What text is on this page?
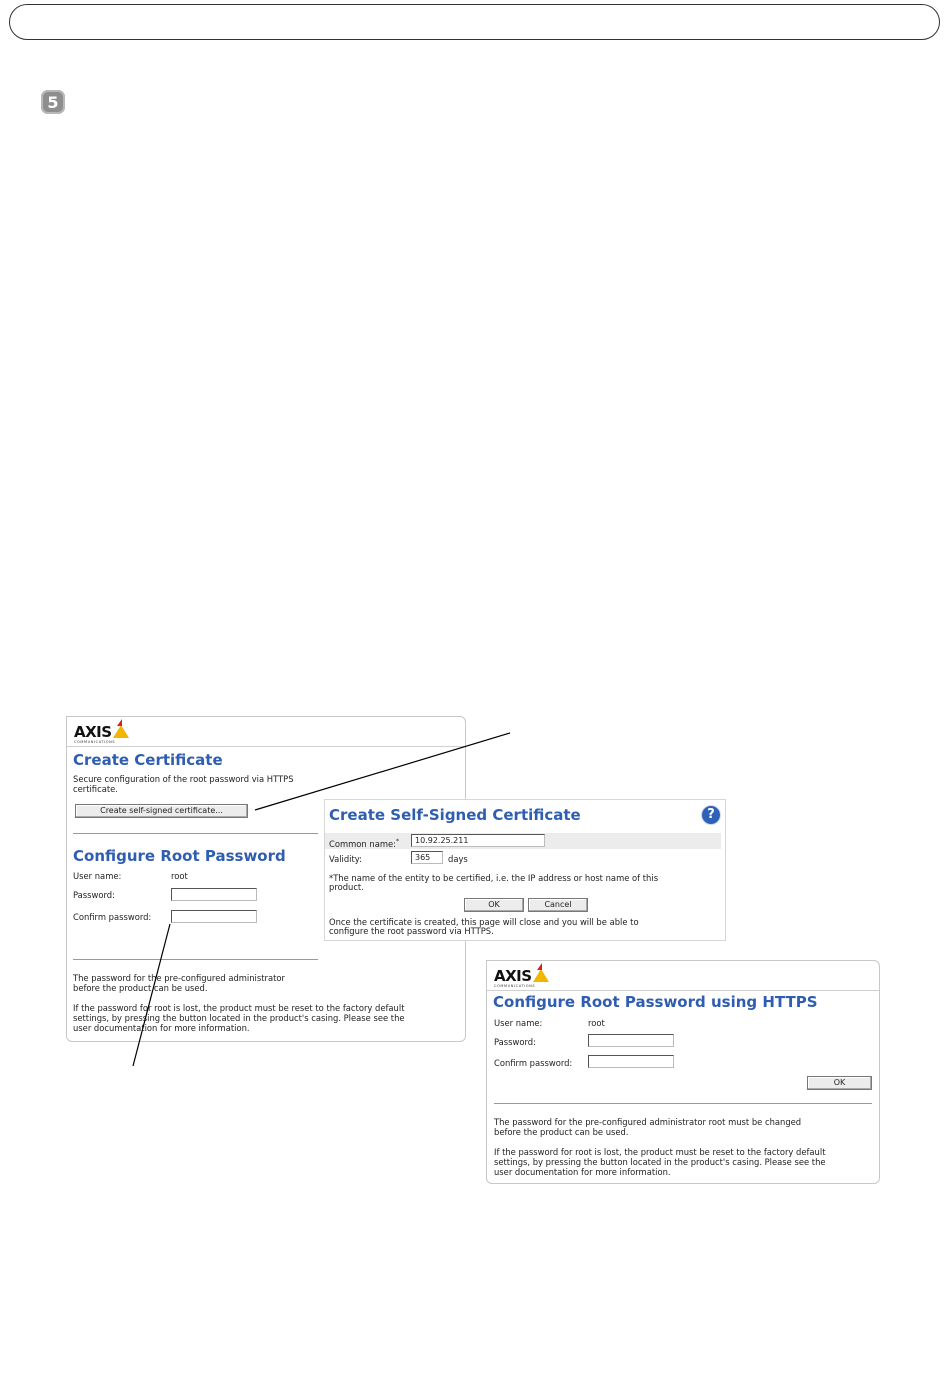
5
AXIS
COMMUNICATIONS
Create Certificate
Secure configuration of the root password via HTTPS
certificate.
Create self-signed certificate...
Configure Root Password
User name:	root
Password:
Confirm password:
The password for the pre-configured administrator
before the product can be used.
If the password for root is lost, the product must be reset to the factory default
settings, by pressing the button located in the product's casing. Please see the
user documentation for more information.
Create Self-Signed Certificate	?
Common name:*	10.92.25.211
Validity:	365	days
*The name of the entity to be certified, i.e. the IP address or host name of this
product.
OK	Cancel
Once the certificate is created, this page will close and you will be able to
configure the root password via HTTPS.
AXIS
COMMUNICATIONS
Configure Root Password using HTTPS
User name:	root
Password:
Confirm password:
OK
The password for the pre-configured administrator root must be changed
before the product can be used.
If the password for root is lost, the product must be reset to the factory default
settings, by pressing the button located in the product's casing. Please see the
user documentation for more information.
